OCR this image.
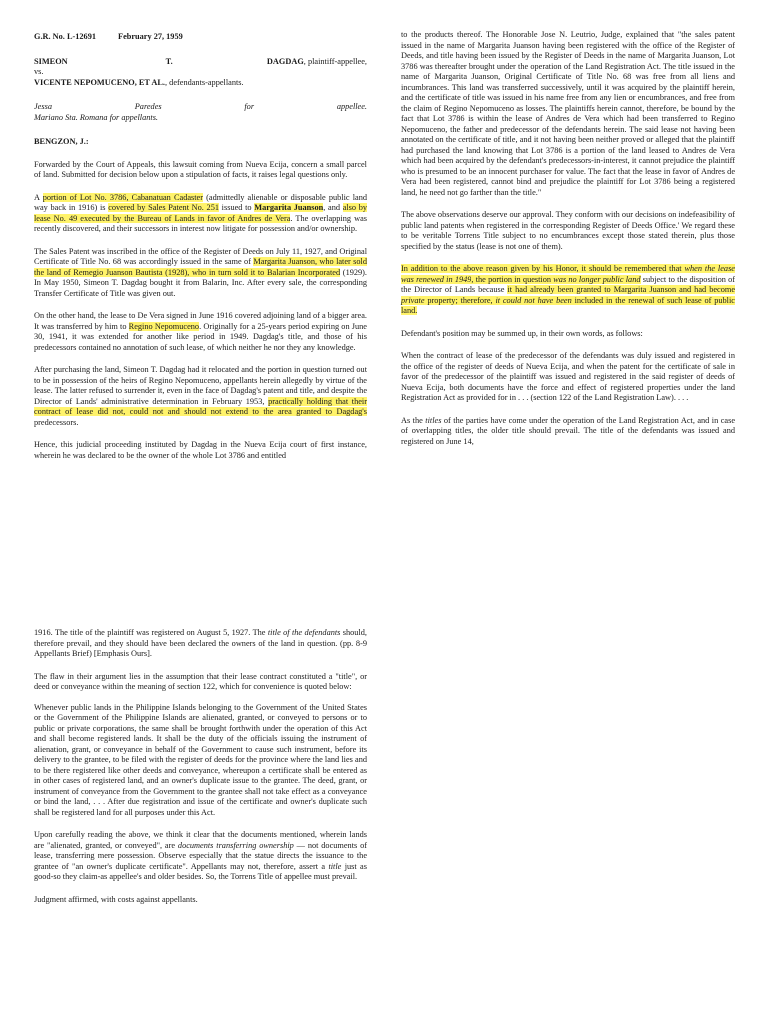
G.R. No. L-12691	February 27, 1959

SIMEON	T.	DAGDAG , plaintiff-appellee,

vs.

VICENTE NEPOMUCENO, ET AL., defendants-appellants.

Jessa	Paredes	for	appellee.

Mariano Sta. Romana for appellants.

BENGZON, J.:

Forwarded by the Court of Appeals, this lawsuit coming from Nueva Ecija, concern a small parcel of land. Submitted for decision below upon a stipulation of facts, it raises legal questions only.

A portion of Lot No. 3786, Cabanatuan Cadaster (admittedly alienable or disposable public land way back in 1916) is covered by Sales Patent No. 251 issued to Margarita Juanson, and also by lease No. 49 executed by the Bureau of Lands in favor of Andres de Vera. The overlapping was recently discovered, and their successors in interest now litigate for possession and/or ownership.

The Sales Patent was inscribed in the office of the Register of Deeds on July 11, 1927, and Original Certificate of Title No. 68 was accordingly issued in the same of Margarita Juanson, who later sold the land of Remegio Juanson Bautista (1928), who in turn sold it to Balarian Incorporated (1929). In May 1950, Simeon T. Dagdag bought it from Balarin, Inc. After every sale, the corresponding Transfer Certificate of Title was given out.

On the other hand, the lease to De Vera signed in June 1916 covered adjoining land of a bigger area. It was transferred by him to Regino Nepomuceno. Originally for a 25-years period expiring on June 30, 1941, it was extended for another like period in 1949. Dagdag's title, and those of his predecessors contained no annotation of such lease, of which neither he nor they any knowledge.

After purchasing the land, Simeon T. Dagdag had it relocated and the portion in question turned out to be in possession of the heirs of Regino Nepomuceno, appellants herein allegedly by virtue of the lease. The latter refused to surrender it, even in the face of Dagdag's patent and title, and despite the Director of Lands' administrative determination in February 1953, practically holding that their contract of lease did not, could not and should not extend to the area granted to Dagdag's predecessors.

Hence, this judicial proceeding instituted by Dagdag in the Nueva Ecija court of first instance, wherein he was declared to be the owner of the whole Lot 3786 and entitled

to the products thereof. The Honorable Jose N. Leutrio, Judge, explained that "the sales patent issued in the name of Margarita Juanson having been registered with the office of the Register of Deeds, and title having been issued by the Register of Deeds in the name of Margarita Juanson, Lot 3786 was thereafter brought under the operation of the Land Registration Act. The title issued in the name of Margarita Juanson, Original Certificate of Title No. 68 was free from all liens and incumbrances. This land was transferred successively, until it was acquired by the plaintiff herein, and the certificate of title was issued in his name free from any lien or encumbrances, and free from the claim of Regino Nepomuceno as losses. The plaintiffs herein cannot, therefore, be bound by the fact that Lot 3786 is within the lease of Andres de Vera which had been transferred to Regino Nepomuceno, the father and predecessor of the defendants herein. The said lease not having been annotated on the certificate of title, and it not having been neither proved or alleged that the plaintiff had purchased the land knowing that Lot 3786 is a portion of the land leased to Andres de Vera which had been acquired by the defendant's predecessors-in-interest, it cannot prejudice the plaintiff who is presumed to be an innocent purchaser for value. The fact that the lease in favor of Andres de Vera had been registered, cannot bind and prejudice the plaintiff for Lot 3786 being a registered land, he need not go farther than the title."

The above observations deserve our approval. They conform with our decisions on indefeasibility of public land patents when registered in the corresponding Register of Deeds Office.' We regard these to be veritable Torrens Title subject to no encumbrances except those stated therein, plus those specified by the status (lease is not one of them).

In addition to the above reason given by his Honor, it should be remembered that when the lease was renewed in 1949, the portion in question was no longer public land subject to the disposition of the Director of Lands because it had already been granted to Margarita Juanson and had become private property; therefore, it could not have been included in the renewal of such lease of public land.

Defendant's position may be summed up, in their own words, as follows:

When the contract of lease of the predecessor of the defendants was duly issued and registered in the office of the register of deeds of Nueva Ecija, and when the patent for the certificate of sale in favor of the predecessor of the plaintiff was issued and registered in the said register of deeds of Nueva Ecija, both documents have the force and effect of registered properties under the land Registration Act as provided for in . . . (section 122 of the Land Registration Law). . . .

As the titles of the parties have come under the operation of the Land Registration Act, and in case of overlapping titles, the older title should prevail. The title of the defendants was issued and registered on June 14,

1916. The title of the plaintiff was registered on August 5, 1927. The title of the defendants should, therefore prevail, and they should have been declared the owners of the land in question. (pp. 8-9 Appellants Brief) [Emphasis Ours].

The flaw in their argument lies in the assumption that their lease contract constituted a "title", or deed or conveyance within the meaning of section 122, which for convenience is quoted below:

Whenever public lands in the Philippine Islands belonging to the Government of the United States or the Government of the Philippine Islands are alienated, granted, or conveyed to persons or to public or private corporations, the same shall be brought forthwith under the operation of this Act and shall become registered lands. It shall be the duty of the officials issuing the instrument of alienation, grant, or conveyance in behalf of the Government to cause such instrument, before its delivery to the grantee, to be filed with the register of deeds for the province where the land lies and to be there registered like other deeds and conveyance, whereupon a certificate shall be entered as in other cases of registered land, and an owner's duplicate issue to the grantee. The deed, grant, or instrument of conveyance from the Government to the grantee shall not take effect as a conveyance or bind the land, . . . After due registration and issue of the certificate and owner's duplicate such shall be registered land for all purposes under this Act.

Upon carefully reading the above, we think it clear that the documents mentioned, wherein lands are "alienated, granted, or conveyed", are documents transferring ownership — not documents of lease, transferring mere possession. Observe especially that the statue directs the issuance to the grantee of "an owner's duplicate certificate". Appellants may not, therefore, assert a title just as good-so they claim-as appellee's and older besides. So, the Torrens Title of appellee must prevail.

Judgment affirmed, with costs against appellants.
